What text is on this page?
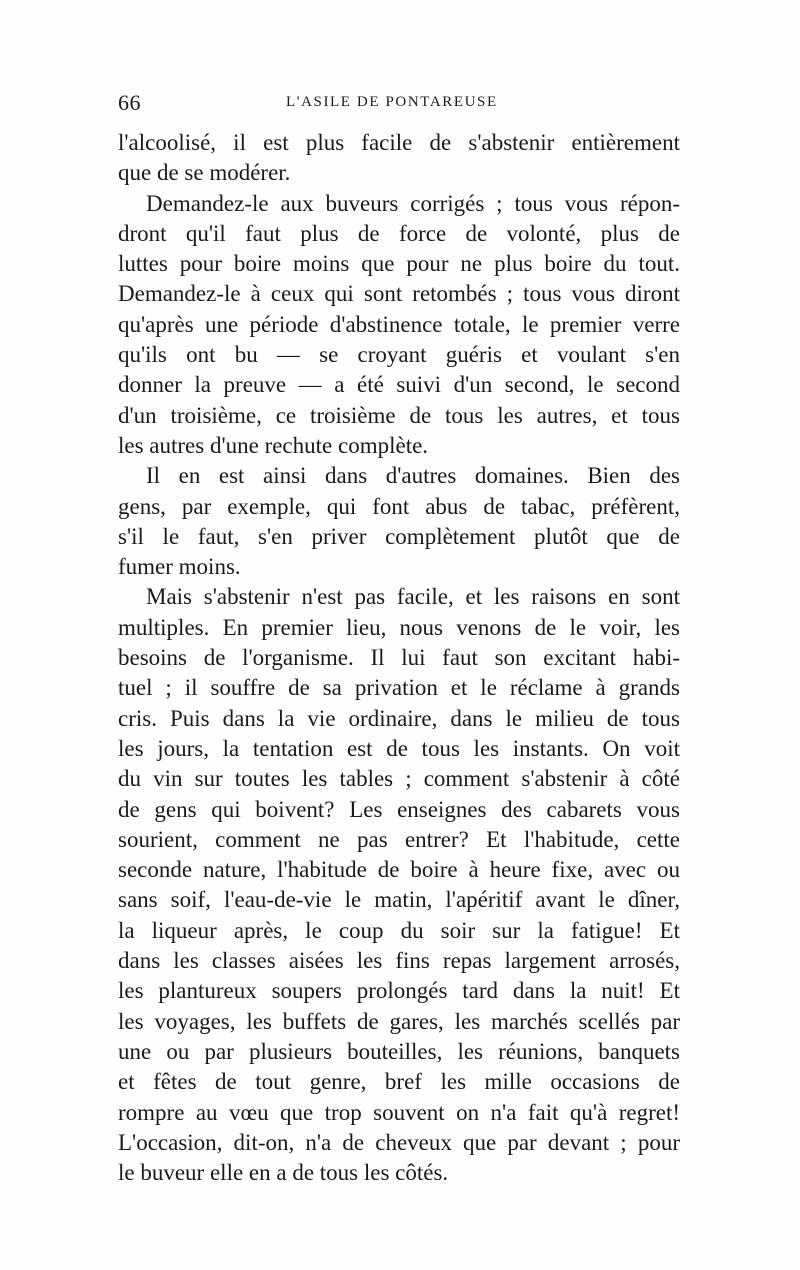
66	L'ASILE DE PONTAREUSE
l'alcoolisé, il est plus facile de s'abstenir entièrement
que de se modérer.
Demandez-le aux buveurs corrigés ; tous vous répon-
dront qu'il faut plus de force de volonté, plus de
luttes pour boire moins que pour ne plus boire du tout.
Demandez-le à ceux qui sont retombés ; tous vous diront
qu'après une période d'abstinence totale, le premier verre
qu'ils ont bu — se croyant guéris et voulant s'en
donner la preuve — a été suivi d'un second, le second
d'un troisième, ce troisième de tous les autres, et tous
les autres d'une rechute complète.
Il en est ainsi dans d'autres domaines. Bien des
gens, par exemple, qui font abus de tabac, préfèrent,
s'il le faut, s'en priver complètement plutôt que de
fumer moins.
Mais s'abstenir n'est pas facile, et les raisons en sont
multiples. En premier lieu, nous venons de le voir, les
besoins de l'organisme. Il lui faut son excitant habi-
tuel ; il souffre de sa privation et le réclame à grands
cris. Puis dans la vie ordinaire, dans le milieu de tous
les jours, la tentation est de tous les instants. On voit
du vin sur toutes les tables ; comment s'abstenir à côté
de gens qui boivent? Les enseignes des cabarets vous
sourient, comment ne pas entrer? Et l'habitude, cette
seconde nature, l'habitude de boire à heure fixe, avec ou
sans soif, l'eau-de-vie le matin, l'apéritif avant le dîner,
la liqueur après, le coup du soir sur la fatigue! Et
dans les classes aisées les fins repas largement arrosés,
les plantureux soupers prolongés tard dans la nuit! Et
les voyages, les buffets de gares, les marchés scellés par
une ou par plusieurs bouteilles, les réunions, banquets
et fêtes de tout genre, bref les mille occasions de
rompre au vœu que trop souvent on n'a fait qu'à regret!
L'occasion, dit-on, n'a de cheveux que par devant ; pour
le buveur elle en a de tous les côtés.
